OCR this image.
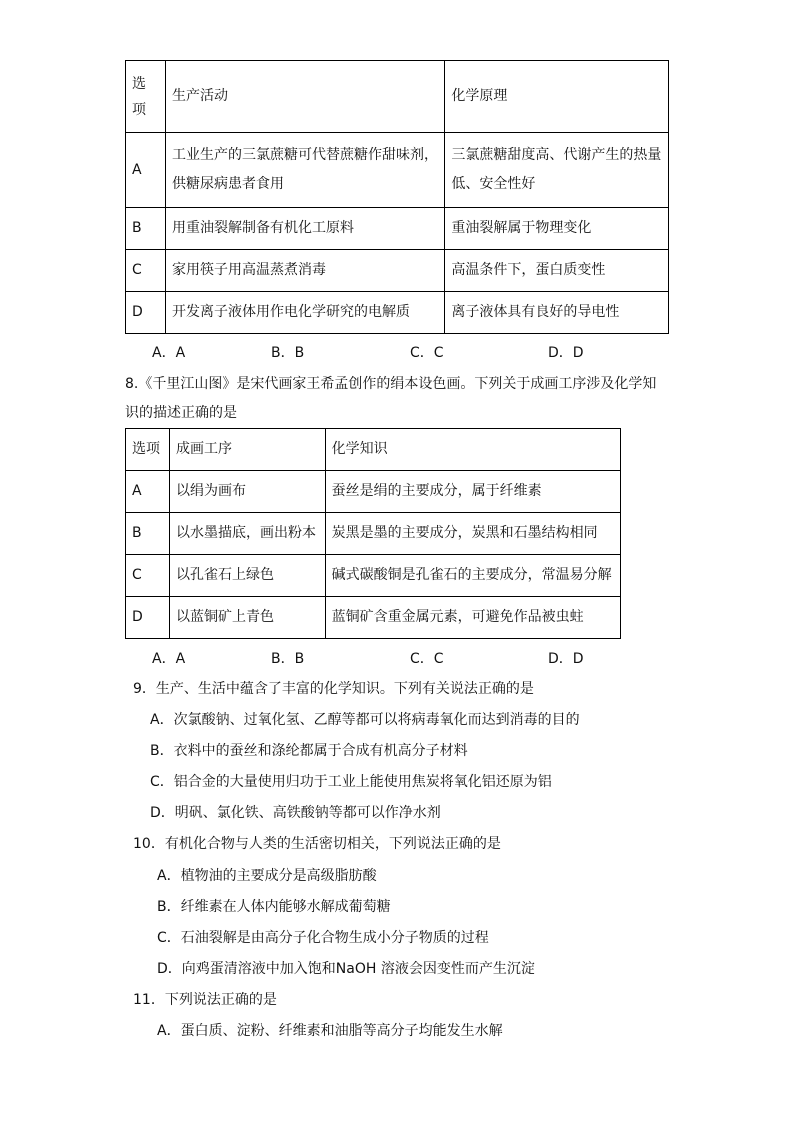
选项	生产活动	化学原理
A	工业生产的三氯蔗糖可代替蔗糖作甜味剂，供糖尿病患者食用	三氯蔗糖甜度高、代谢产生的热量低、安全性好
B	用重油裂解制备有机化工原料	重油裂解属于物理变化
C	家用筷子用高温蒸煮消毒	高温条件下，蛋白质变性
D	开发离子液体用作电化学研究的电解质	离子液体具有良好的导电性
A．A	B．B	C．C	D．D
8.《千里江山图》是宋代画家王希孟创作的绢本设色画。下列关于成画工序涉及化学知
识的描述正确的是
选项	成画工序	化学知识
A	以绢为画布	蚕丝是绢的主要成分，属于纤维素
B	以水墨描底，画出粉本	炭黑是墨的主要成分，炭黑和石墨结构相同
C	以孔雀石上绿色	碱式碳酸铜是孔雀石的主要成分，常温易分解
D	以蓝铜矿上青色	蓝铜矿含重金属元素，可避免作品被虫蛀
A．A	B．B	C．C	D．D
9．生产、生活中蕴含了丰富的化学知识。下列有关说法正确的是
A．次氯酸钠、过氧化氢、乙醇等都可以将病毒氧化而达到消毒的目的
B．衣料中的蚕丝和涤纶都属于合成有机高分子材料
C．铝合金的大量使用归功于工业上能使用焦炭将氧化铝还原为铝
D．明矾、氯化铁、高铁酸钠等都可以作净水剂
10．有机化合物与人类的生活密切相关，下列说法正确的是
A．植物油的主要成分是高级脂肪酸
B．纤维素在人体内能够水解成葡萄糖
C．石油裂解是由高分子化合物生成小分子物质的过程
D．向鸡蛋清溶液中加入饱和NaOH 溶液会因变性而产生沉淀
11．下列说法正确的是
A．蛋白质、淀粉、纤维素和油脂等高分子均能发生水解
